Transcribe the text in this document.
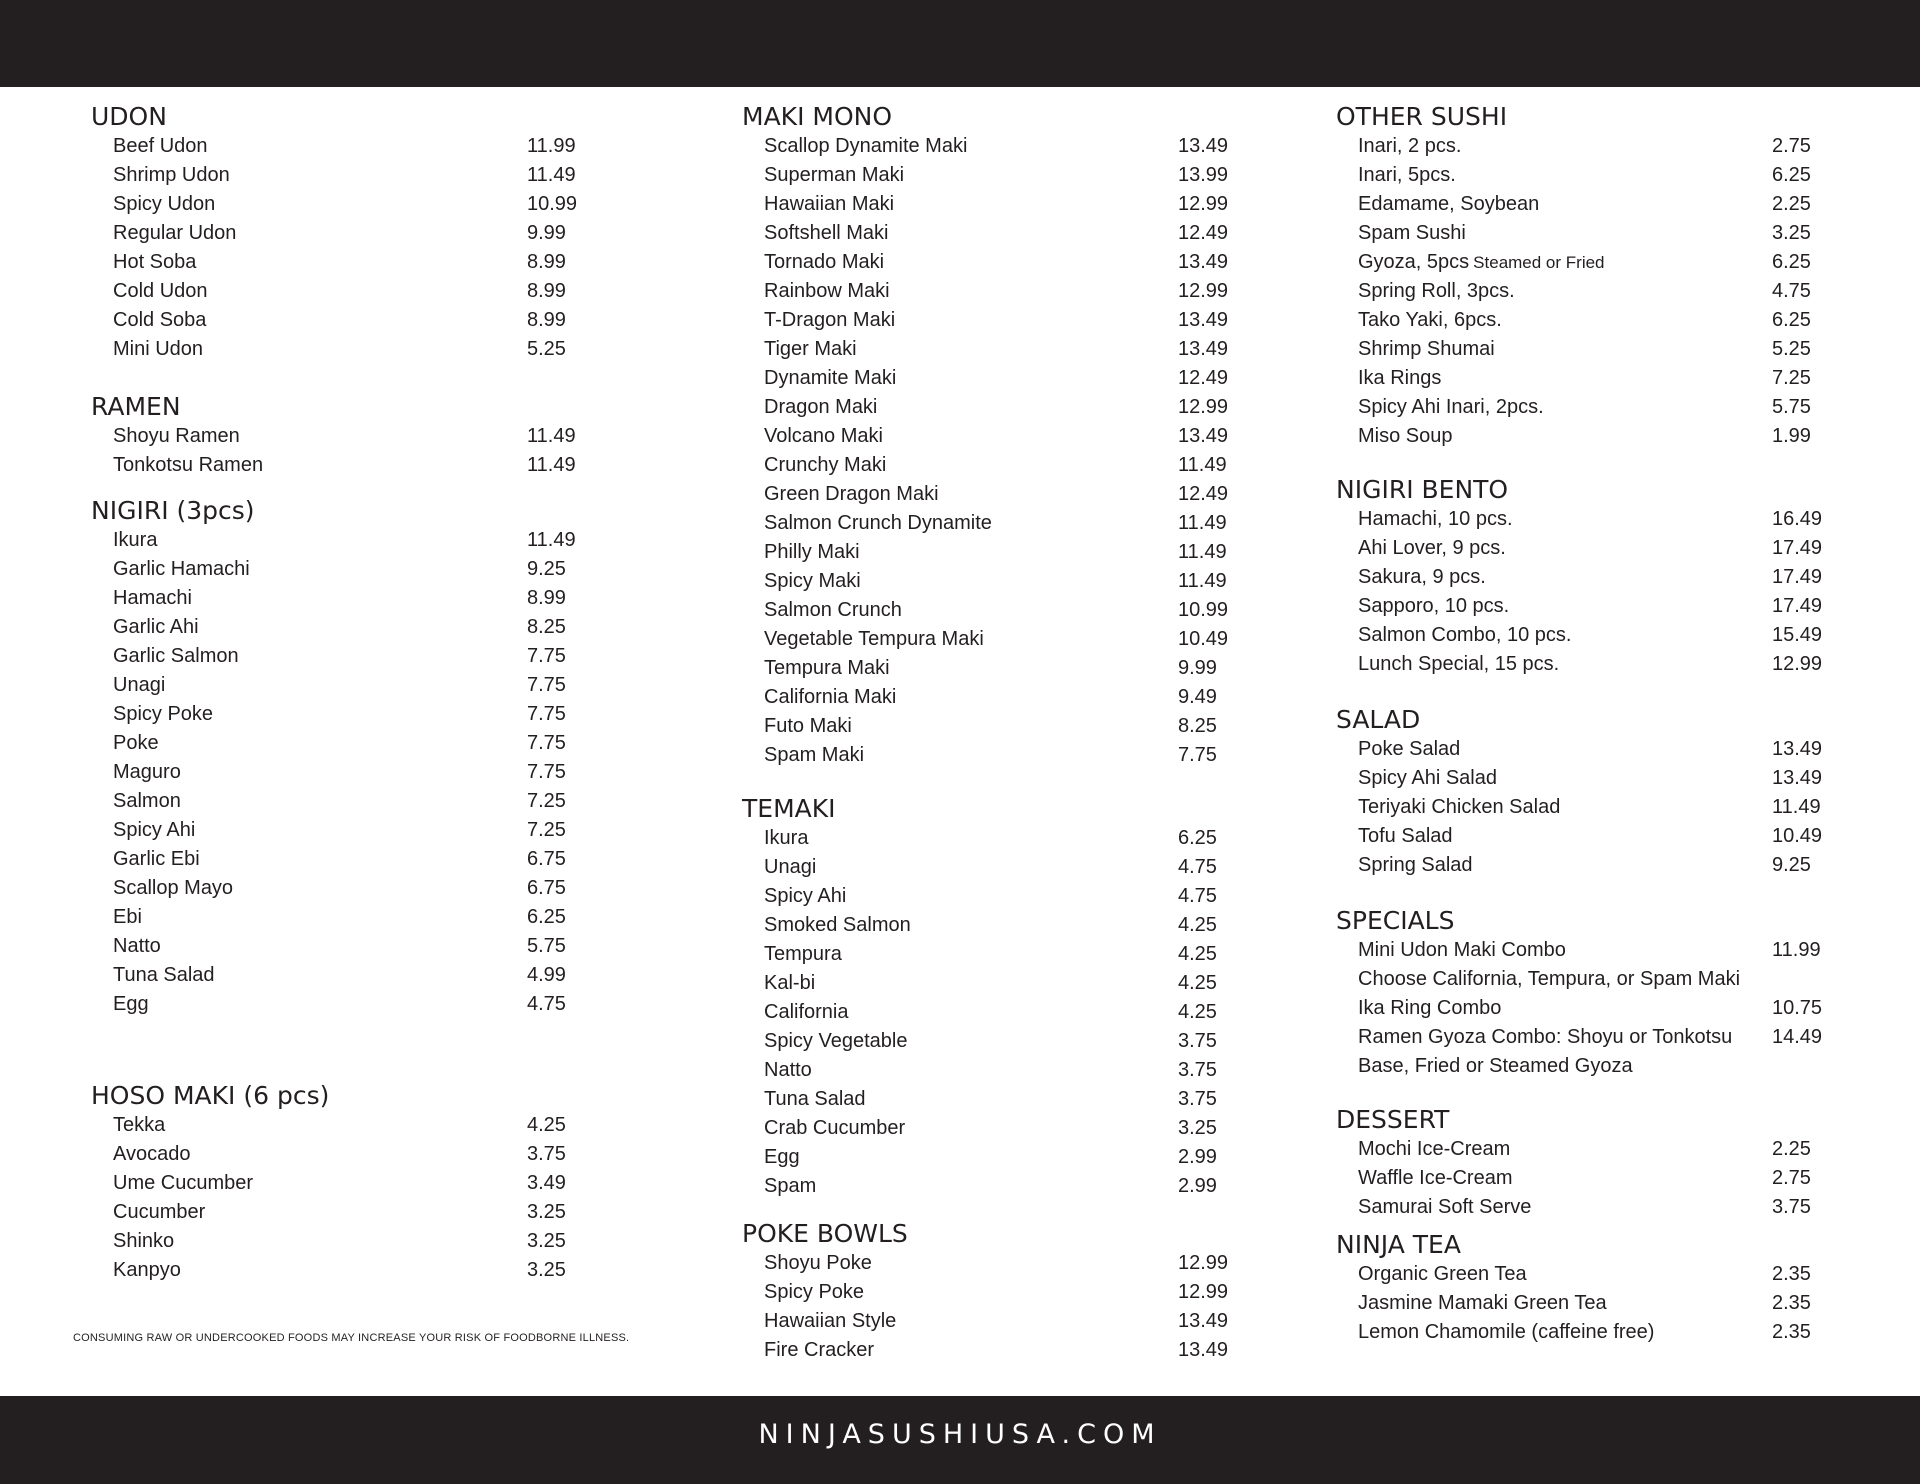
UDON
Beef Udon	11.99
Shrimp Udon	11.49
Spicy Udon	10.99
Regular Udon	9.99
Hot Soba	8.99
Cold Udon	8.99
Cold Soba	8.99
Mini Udon	5.25
RAMEN
Shoyu Ramen	11.49
Tonkotsu Ramen	11.49
NIGIRI (3pcs)
Ikura	11.49
Garlic Hamachi	9.25
Hamachi	8.99
Garlic Ahi	8.25
Garlic Salmon	7.75
Unagi	7.75
Spicy Poke	7.75
Poke	7.75
Maguro	7.75
Salmon	7.25
Spicy Ahi	7.25
Garlic Ebi	6.75
Scallop Mayo	6.75
Ebi	6.25
Natto	5.75
Tuna Salad	4.99
Egg	4.75
HOSO MAKI (6 pcs)
Tekka	4.25
Avocado	3.75
Ume Cucumber	3.49
Cucumber	3.25
Shinko	3.25
Kanpyo	3.25
MAKI MONO
Scallop Dynamite Maki	13.49
Superman Maki	13.99
Hawaiian Maki	12.99
Softshell Maki	12.49
Tornado Maki	13.49
Rainbow Maki	12.99
T-Dragon Maki	13.49
Tiger Maki	13.49
Dynamite Maki	12.49
Dragon Maki	12.99
Volcano Maki	13.49
Crunchy Maki	11.49
Green Dragon Maki	12.49
Salmon Crunch Dynamite	11.49
Philly Maki	11.49
Spicy Maki	11.49
Salmon Crunch	10.99
Vegetable Tempura Maki	10.49
Tempura Maki	9.99
California Maki	9.49
Futo Maki	8.25
Spam Maki	7.75
TEMAKI
Ikura	6.25
Unagi	4.75
Spicy Ahi	4.75
Smoked Salmon	4.25
Tempura	4.25
Kal-bi	4.25
California	4.25
Spicy Vegetable	3.75
Natto	3.75
Tuna Salad	3.75
Crab Cucumber	3.25
Egg	2.99
Spam	2.99
POKE BOWLS
Shoyu Poke	12.99
Spicy Poke	12.99
Hawaiian Style	13.49
Fire Cracker	13.49
OTHER SUSHI
Inari, 2 pcs.	2.75
Inari, 5pcs.	6.25
Edamame, Soybean	2.25
Spam Sushi	3.25
Gyoza, 5pcs Steamed or Fried	6.25
Spring Roll, 3pcs.	4.75
Tako Yaki, 6pcs.	6.25
Shrimp Shumai	5.25
Ika Rings	7.25
Spicy Ahi Inari, 2pcs.	5.75
Miso Soup	1.99
NIGIRI BENTO
Hamachi, 10 pcs.	16.49
Ahi Lover, 9 pcs.	17.49
Sakura, 9 pcs.	17.49
Sapporo, 10 pcs.	17.49
Salmon Combo, 10 pcs.	15.49
Lunch Special, 15 pcs.	12.99
SALAD
Poke Salad	13.49
Spicy Ahi Salad	13.49
Teriyaki Chicken Salad	11.49
Tofu Salad	10.49
Spring Salad	9.25
SPECIALS
Mini Udon Maki Combo	11.99
Choose California, Tempura, or Spam Maki
Ika Ring Combo	10.75
Ramen Gyoza Combo: Shoyu or Tonkotsu 14.49
Base, Fried or Steamed Gyoza
DESSERT
Mochi Ice-Cream	2.25
Waffle Ice-Cream	2.75
Samurai Soft Serve	3.75
NINJA TEA
Organic Green Tea	2.35
Jasmine Mamaki Green Tea	2.35
Lemon Chamomile (caffeine free)	2.35
CONSUMING RAW OR UNDERCOOKED FOODS MAY INCREASE YOUR RISK OF FOODBORNE ILLNESS.
NINJASUSHIUSA.COM
